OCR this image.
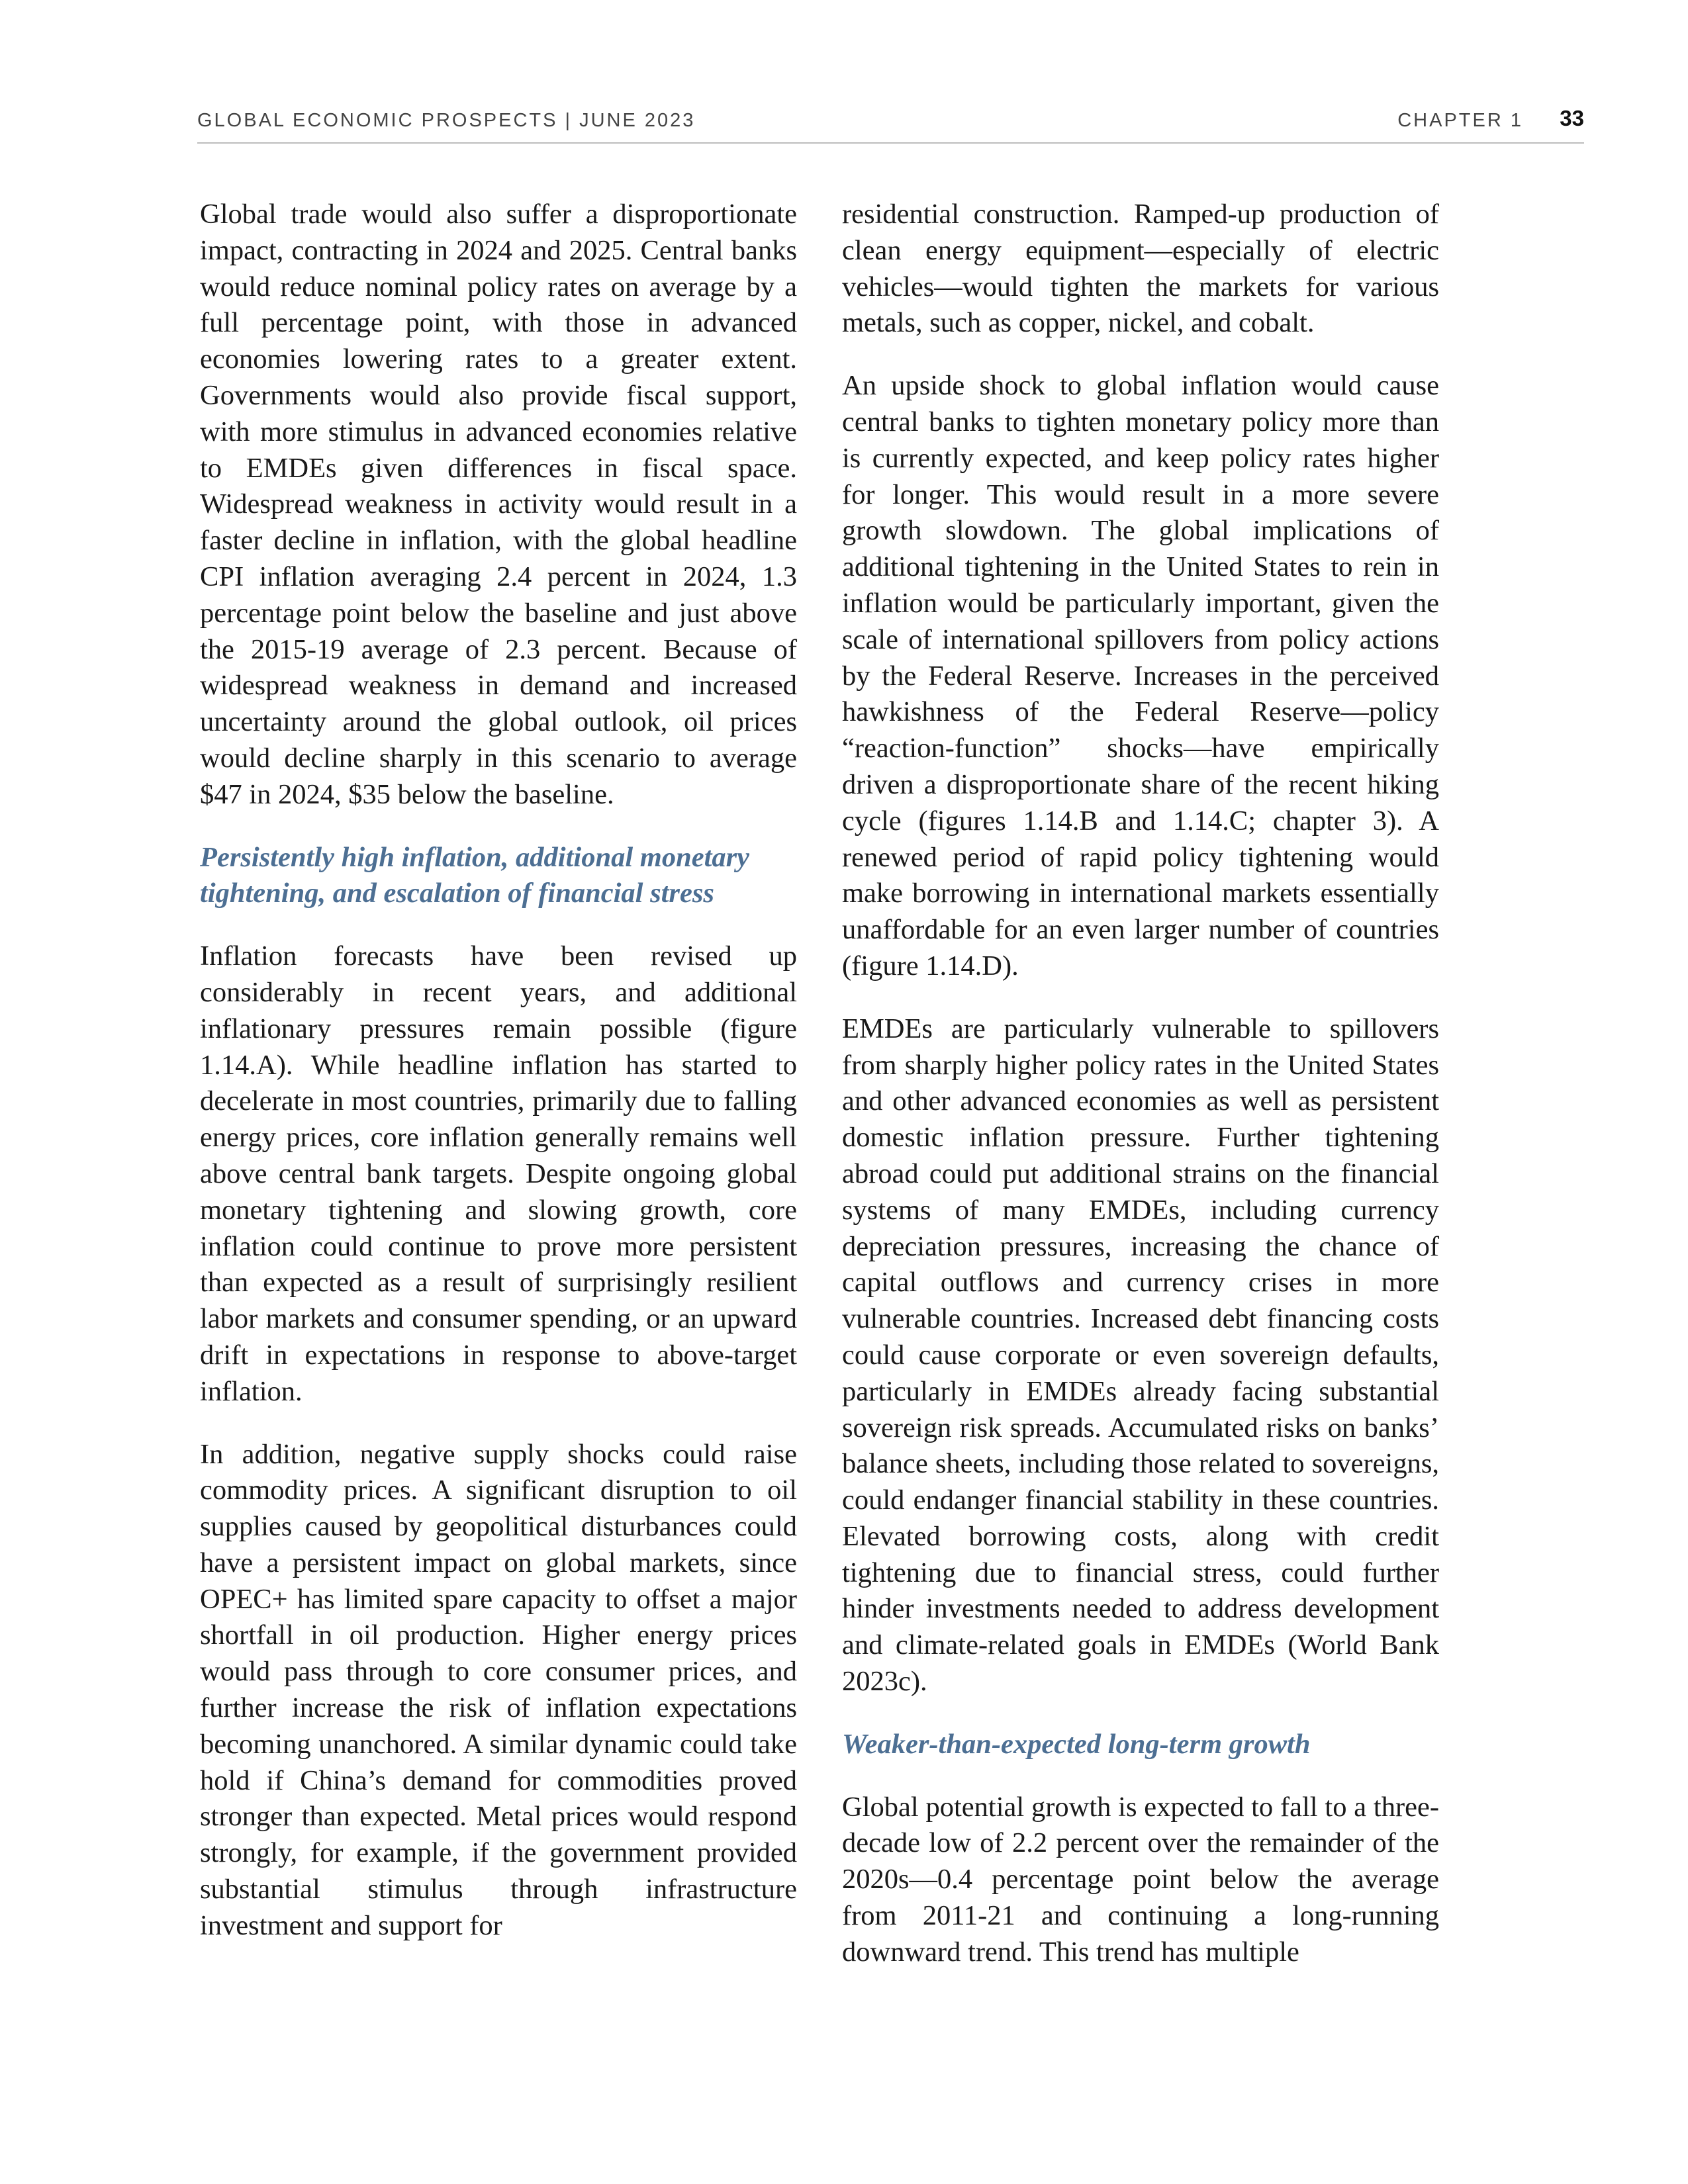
GLOBAL ECONOMIC PROSPECTS | JUNE 2023	CHAPTER 1 33

Global trade would also suffer a disproportionate impact, contracting in 2024 and 2025. Central banks would reduce nominal policy rates on average by a full percentage point, with those in advanced economies lowering rates to a greater extent. Governments would also provide fiscal support, with more stimulus in advanced economies relative to EMDEs given differences in fiscal space. Widespread weakness in activity would result in a faster decline in inflation, with the global headline CPI inflation averaging 2.4 percent in 2024, 1.3 percentage point below the baseline and just above the 2015-19 average of 2.3 percent. Because of widespread weakness in demand and increased uncertainty around the global outlook, oil prices would decline sharply in this scenario to average $47 in 2024, $35 below the baseline.

Persistently high inflation, additional monetary tightening, and escalation of financial stress

Inflation forecasts have been revised up considerably in recent years, and additional inflationary pressures remain possible (figure 1.14.A). While headline inflation has started to decelerate in most countries, primarily due to falling energy prices, core inflation generally remains well above central bank targets. Despite ongoing global monetary tightening and slowing growth, core inflation could continue to prove more persistent than expected as a result of surprisingly resilient labor markets and consumer spending, or an upward drift in expectations in response to above-target inflation.

In addition, negative supply shocks could raise commodity prices. A significant disruption to oil supplies caused by geopolitical disturbances could have a persistent impact on global markets, since OPEC+ has limited spare capacity to offset a major shortfall in oil production. Higher energy prices would pass through to core consumer prices, and further increase the risk of inflation expectations becoming unanchored. A similar dynamic could take hold if China’s demand for commodities proved stronger than expected. Metal prices would respond strongly, for example, if the government provided substantial stimulus through infrastructure investment and support for

residential construction. Ramped-up production of clean energy equipment—especially of electric vehicles—would tighten the markets for various metals, such as copper, nickel, and cobalt.

An upside shock to global inflation would cause central banks to tighten monetary policy more than is currently expected, and keep policy rates higher for longer. This would result in a more severe growth slowdown. The global implications of additional tightening in the United States to rein in inflation would be particularly important, given the scale of international spillovers from policy actions by the Federal Reserve. Increases in the perceived hawkishness of the Federal Reserve—policy “reaction-function” shocks—have empirically driven a disproportionate share of the recent hiking cycle (figures 1.14.B and 1.14.C; chapter 3). A renewed period of rapid policy tightening would make borrowing in international markets essentially unaffordable for an even larger number of countries (figure 1.14.D).

EMDEs are particularly vulnerable to spillovers from sharply higher policy rates in the United States and other advanced economies as well as persistent domestic inflation pressure. Further tightening abroad could put additional strains on the financial systems of many EMDEs, including currency depreciation pressures, increasing the chance of capital outflows and currency crises in more vulnerable countries. Increased debt financing costs could cause corporate or even sovereign defaults, particularly in EMDEs already facing substantial sovereign risk spreads. Accumulated risks on banks’ balance sheets, including those related to sovereigns, could endanger financial stability in these countries. Elevated borrowing costs, along with credit tightening due to financial stress, could further hinder investments needed to address development and climate-related goals in EMDEs (World Bank 2023c).

Weaker-than-expected long-term growth

Global potential growth is expected to fall to a three-decade low of 2.2 percent over the remainder of the 2020s—0.4 percentage point below the average from 2011-21 and continuing a long-running downward trend. This trend has multiple
